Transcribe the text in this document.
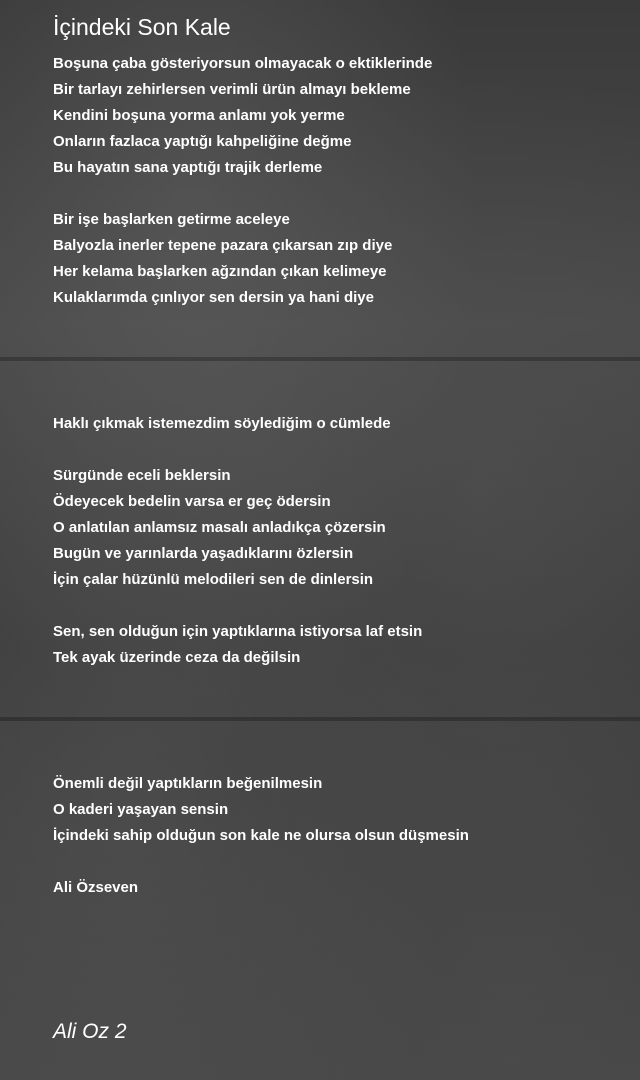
İçindeki Son Kale

Boşuna çaba gösteriyorsun olmayacak o ektiklerinde

Bir tarlayı zehirlersen verimli ürün almayı bekleme

Kendini boşuna yorma anlamı yok yerme

Onların fazlaca yaptığı kahpeliğine değme

Bu hayatın sana yaptığı trajik derleme

Bir işe başlarken getirme aceleye

Balyozla inerler tepene pazara çıkarsan zıp diye

Her kelama başlarken ağzından çıkan kelimeye

Kulaklarımda çınlıyor sen dersin ya hani diye

Haklı çıkmak istemezdim söylediğim o cümlede

Sürgünde eceli beklersin

Ödeyecek bedelin varsa er geç ödersin

O anlatılan anlamsız masalı anladıkça çözersin

Bugün ve yarınlarda yaşadıklarını özlersin

İçin çalar hüzünlü melodileri sen de dinlersin

Sen, sen olduğun için yaptıklarına istiyorsa laf etsin

Tek ayak üzerinde ceza da değilsin

Önemli değil yaptıkların beğenilmesin

O kaderi yaşayan sensin

İçindeki sahip olduğun son kale ne olursa olsun düşmesin

Ali Özseven

Ali Oz 2
